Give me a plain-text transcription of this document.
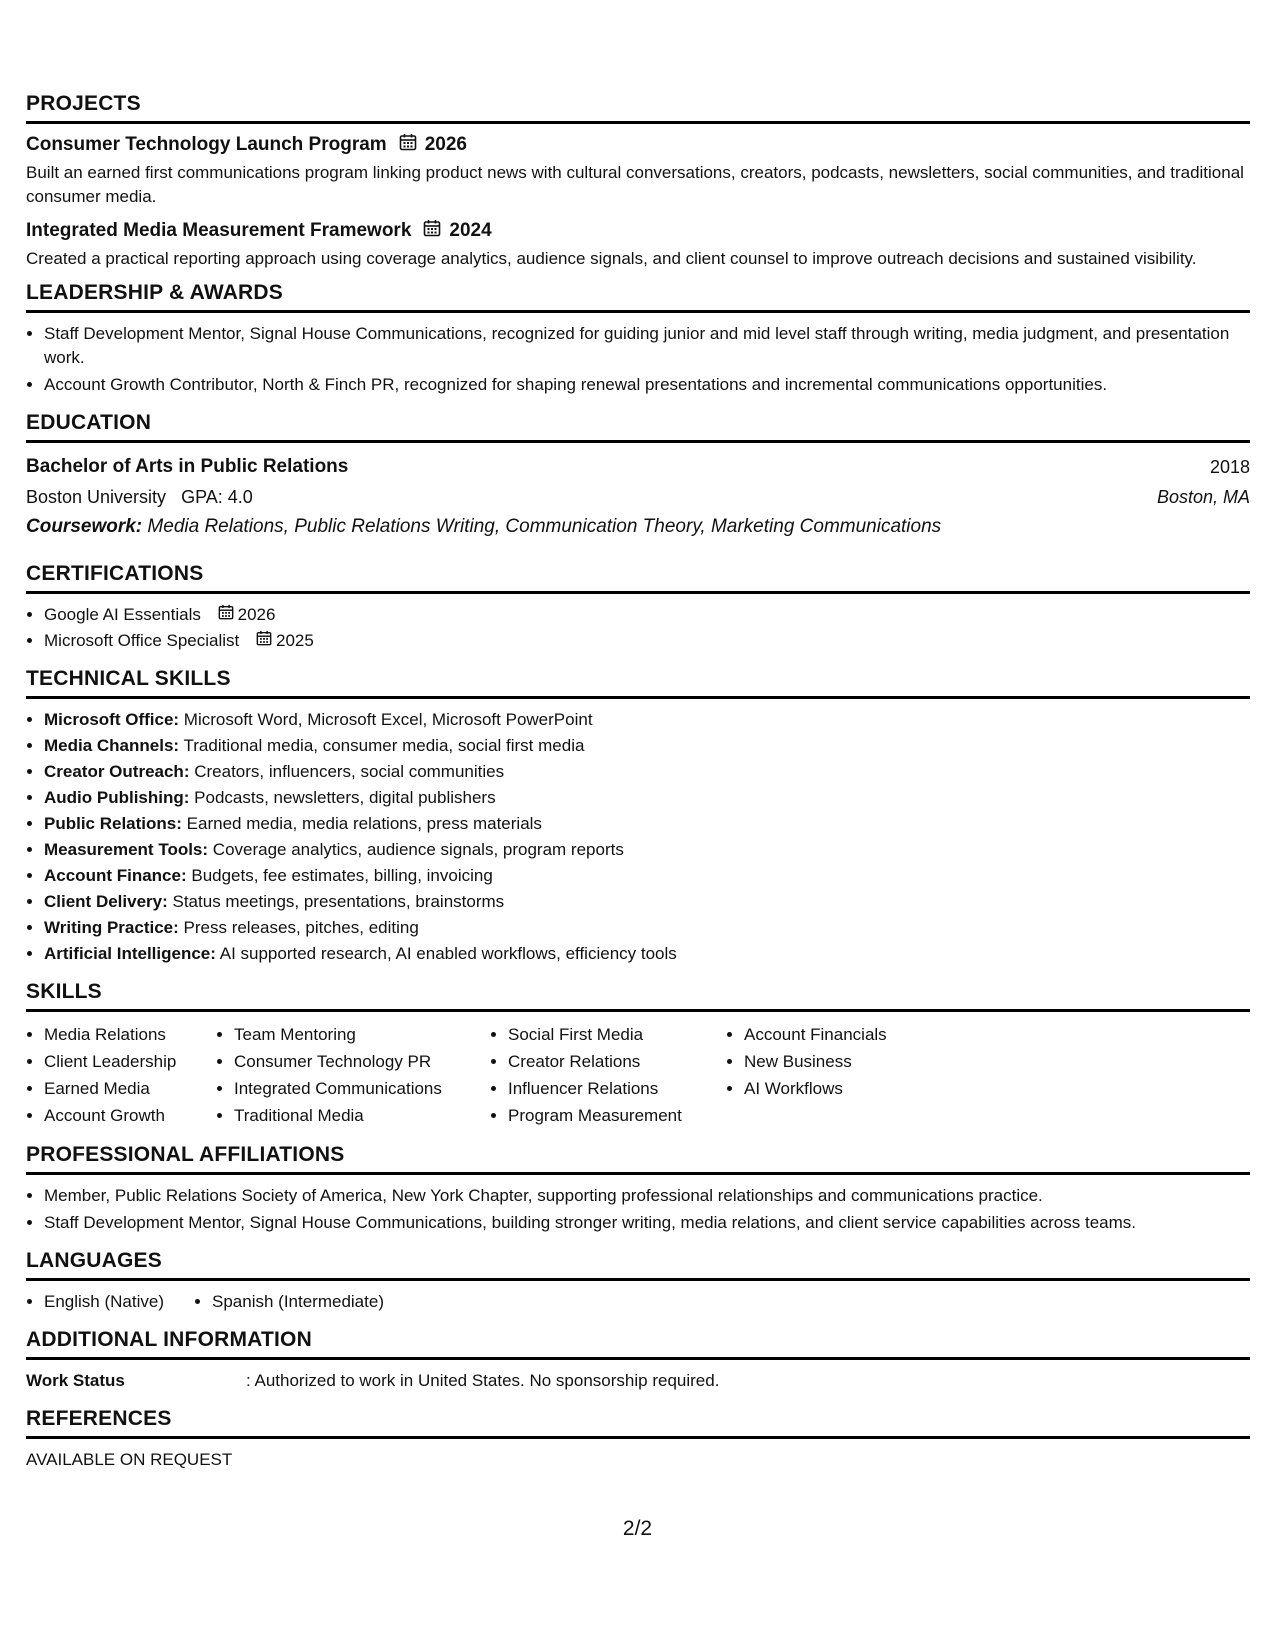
PROJECTS
Consumer Technology Launch Program 2026
Built an earned first communications program linking product news with cultural conversations, creators, podcasts, newsletters, social communities, and traditional consumer media.
Integrated Media Measurement Framework 2024
Created a practical reporting approach using coverage analytics, audience signals, and client counsel to improve outreach decisions and sustained visibility.
LEADERSHIP & AWARDS
• Staff Development Mentor, Signal House Communications, recognized for guiding junior and mid level staff through writing, media judgment, and presentation work.
• Account Growth Contributor, North & Finch PR, recognized for shaping renewal presentations and incremental communications opportunities.
EDUCATION
Bachelor of Arts in Public Relations	2018
Boston University GPA: 4.0	Boston, MA
Coursework: Media Relations, Public Relations Writing, Communication Theory, Marketing Communications
CERTIFICATIONS
• Google AI Essentials 2026
• Microsoft Office Specialist 2025
TECHNICAL SKILLS
• Microsoft Office: Microsoft Word, Microsoft Excel, Microsoft PowerPoint
• Media Channels: Traditional media, consumer media, social first media
• Creator Outreach: Creators, influencers, social communities
• Audio Publishing: Podcasts, newsletters, digital publishers
• Public Relations: Earned media, media relations, press materials
• Measurement Tools: Coverage analytics, audience signals, program reports
• Account Finance: Budgets, fee estimates, billing, invoicing
• Client Delivery: Status meetings, presentations, brainstorms
• Writing Practice: Press releases, pitches, editing
• Artificial Intelligence: AI supported research, AI enabled workflows, efficiency tools
SKILLS
• Media Relations
• Client Leadership
• Earned Media
• Account Growth
• Team Mentoring
• Consumer Technology PR
• Integrated Communications
• Traditional Media
• Social First Media
• Creator Relations
• Influencer Relations
• Program Measurement
• Account Financials
• New Business
• AI Workflows
PROFESSIONAL AFFILIATIONS
• Member, Public Relations Society of America, New York Chapter, supporting professional relationships and communications practice.
• Staff Development Mentor, Signal House Communications, building stronger writing, media relations, and client service capabilities across teams.
LANGUAGES
• English (Native)
•	Spanish (Intermediate)
ADDITIONAL INFORMATION
Work Status	: Authorized to work in United States. No sponsorship required.
REFERENCES
AVAILABLE ON REQUEST
2/2
